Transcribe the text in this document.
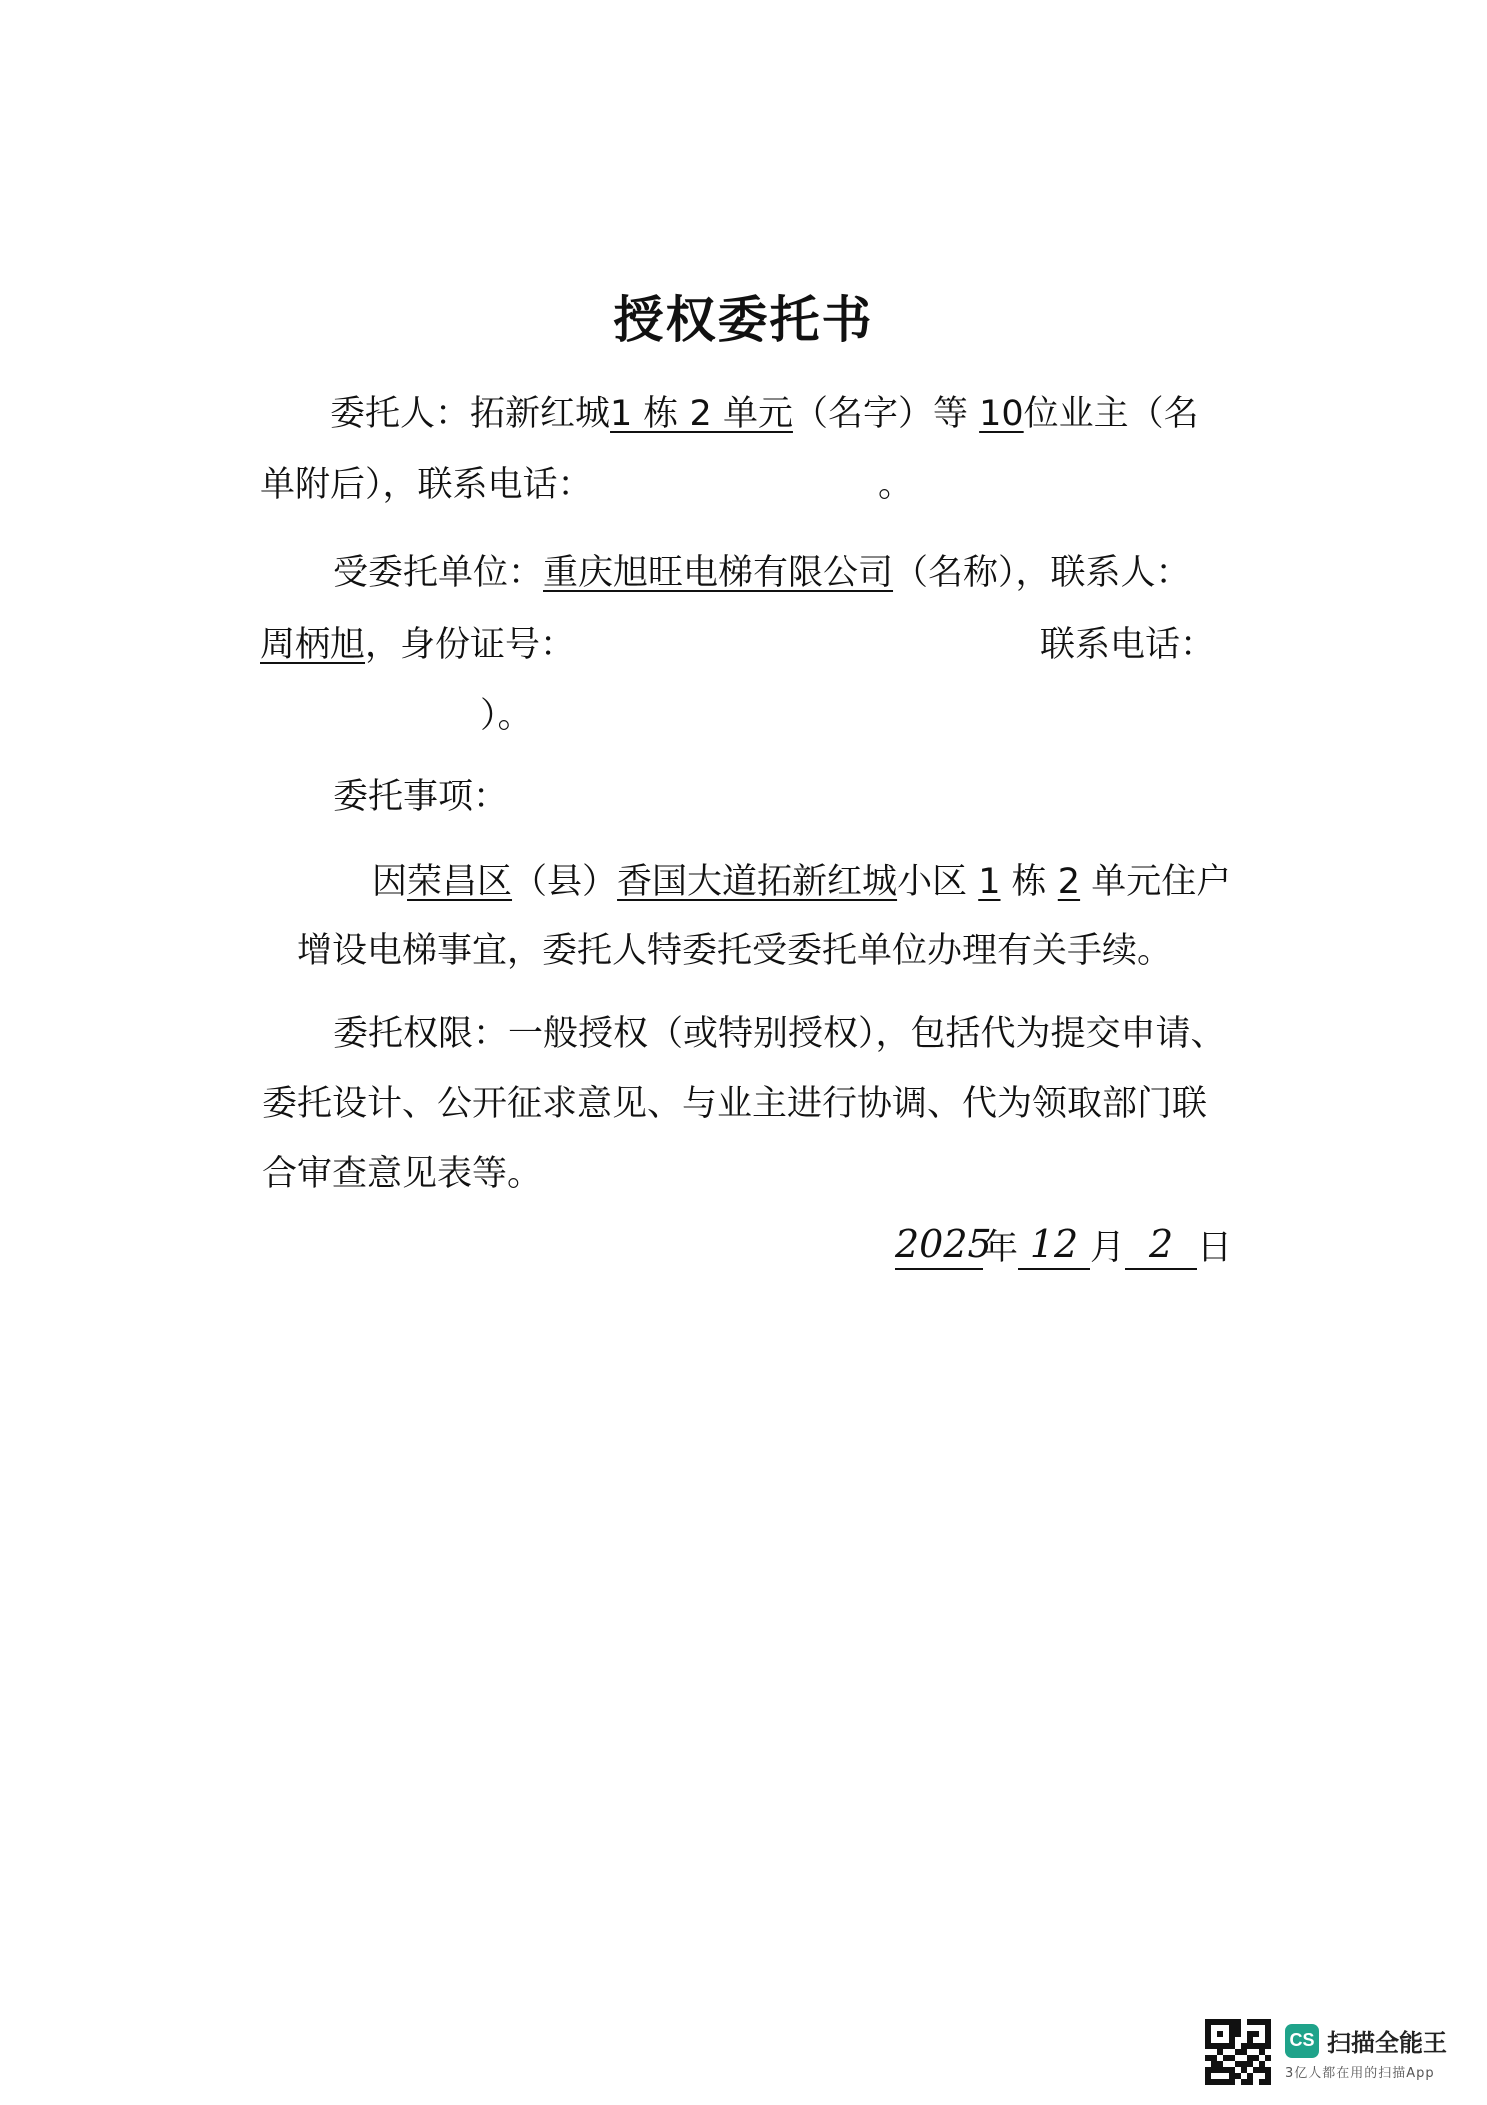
授权委托书
委托人：拓新红城1 栋 2 单元（名字）等 10位业主（名
单附后），联系电话：	。
受委托单位：重庆旭旺电梯有限公司（名称），联系人：
周柄旭，身份证号：	联系电话：
）。
委托事项：
因荣昌区（县）香国大道拓新红城小区 1 栋 2 单元住户
增设电梯事宜，委托人特委托受委托单位办理有关手续。
委托权限：一般授权（或特别授权），包括代为提交申请、
委托设计、公开征求意见、与业主进行协调、代为领取部门联
合审查意见表等。
2025
年 12 月 2 日
CS 扫描全能王
3亿人都在用的扫描App
